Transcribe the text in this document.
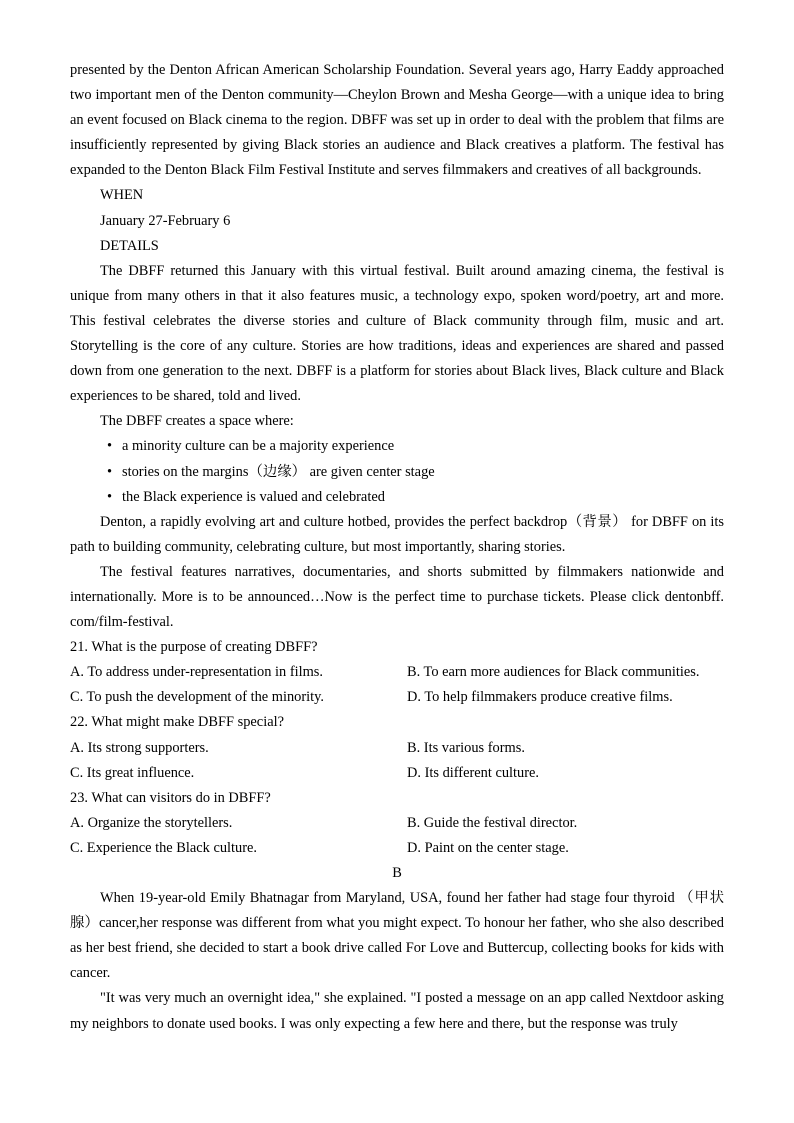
presented by the Denton African American Scholarship Foundation. Several years ago, Harry Eaddy approached two important men of the Denton community—Cheylon Brown and Mesha George—with a unique idea to bring an event focused on Black cinema to the region. DBFF was set up in order to deal with the problem that films are insufficiently represented by giving Black stories an audience and Black creatives a platform. The festival has expanded to the Denton Black Film Festival Institute and serves filmmakers and creatives of all backgrounds.

WHEN
January 27-February 6
DETAILS

The DBFF returned this January with this virtual festival. Built around amazing cinema, the festival is unique from many others in that it also features music, a technology expo, spoken word/poetry, art and more. This festival celebrates the diverse stories and culture of Black community through film, music and art. Storytelling is the core of any culture. Stories are how traditions, ideas and experiences are shared and passed down from one generation to the next. DBFF is a platform for stories about Black lives, Black culture and Black experiences to be shared, told and lived.

The DBFF creates a space where:

• a minority culture can be a majority experience
• stories on the margins（边缘） are given center stage
• the Black experience is valued and celebrated

Denton, a rapidly evolving art and culture hotbed, provides the perfect backdrop（背景） for DBFF on its path to building community, celebrating culture, but most importantly, sharing stories.

The festival features narratives, documentaries, and shorts submitted by filmmakers nationwide and internationally. More is to be announced…Now is the perfect time to purchase tickets. Please click dentonbff. com/film-festival.

21. What is the purpose of creating DBFF?
A. To address under-representation in films.	B. To earn more audiences for Black communities.
C. To push the development of the minority.	D. To help filmmakers produce creative films.
22. What might make DBFF special?
A. Its strong supporters.	B. Its various forms.
C. Its great influence.	D. Its different culture.
23. What can visitors do in DBFF?
A. Organize the storytellers.	B. Guide the festival director.
C. Experience the Black culture.	D. Paint on the center stage.
B

When 19-year-old Emily Bhatnagar from Maryland, USA, found her father had stage four thyroid （甲状腺）cancer,her response was different from what you might expect. To honour her father, who she also described as her best friend, she decided to start a book drive called For Love and Buttercup, collecting books for kids with cancer.

"It was very much an overnight idea," she explained. "I posted a message on an app called Nextdoor asking my neighbors to donate used books. I was only expecting a few here and there, but the response was truly
